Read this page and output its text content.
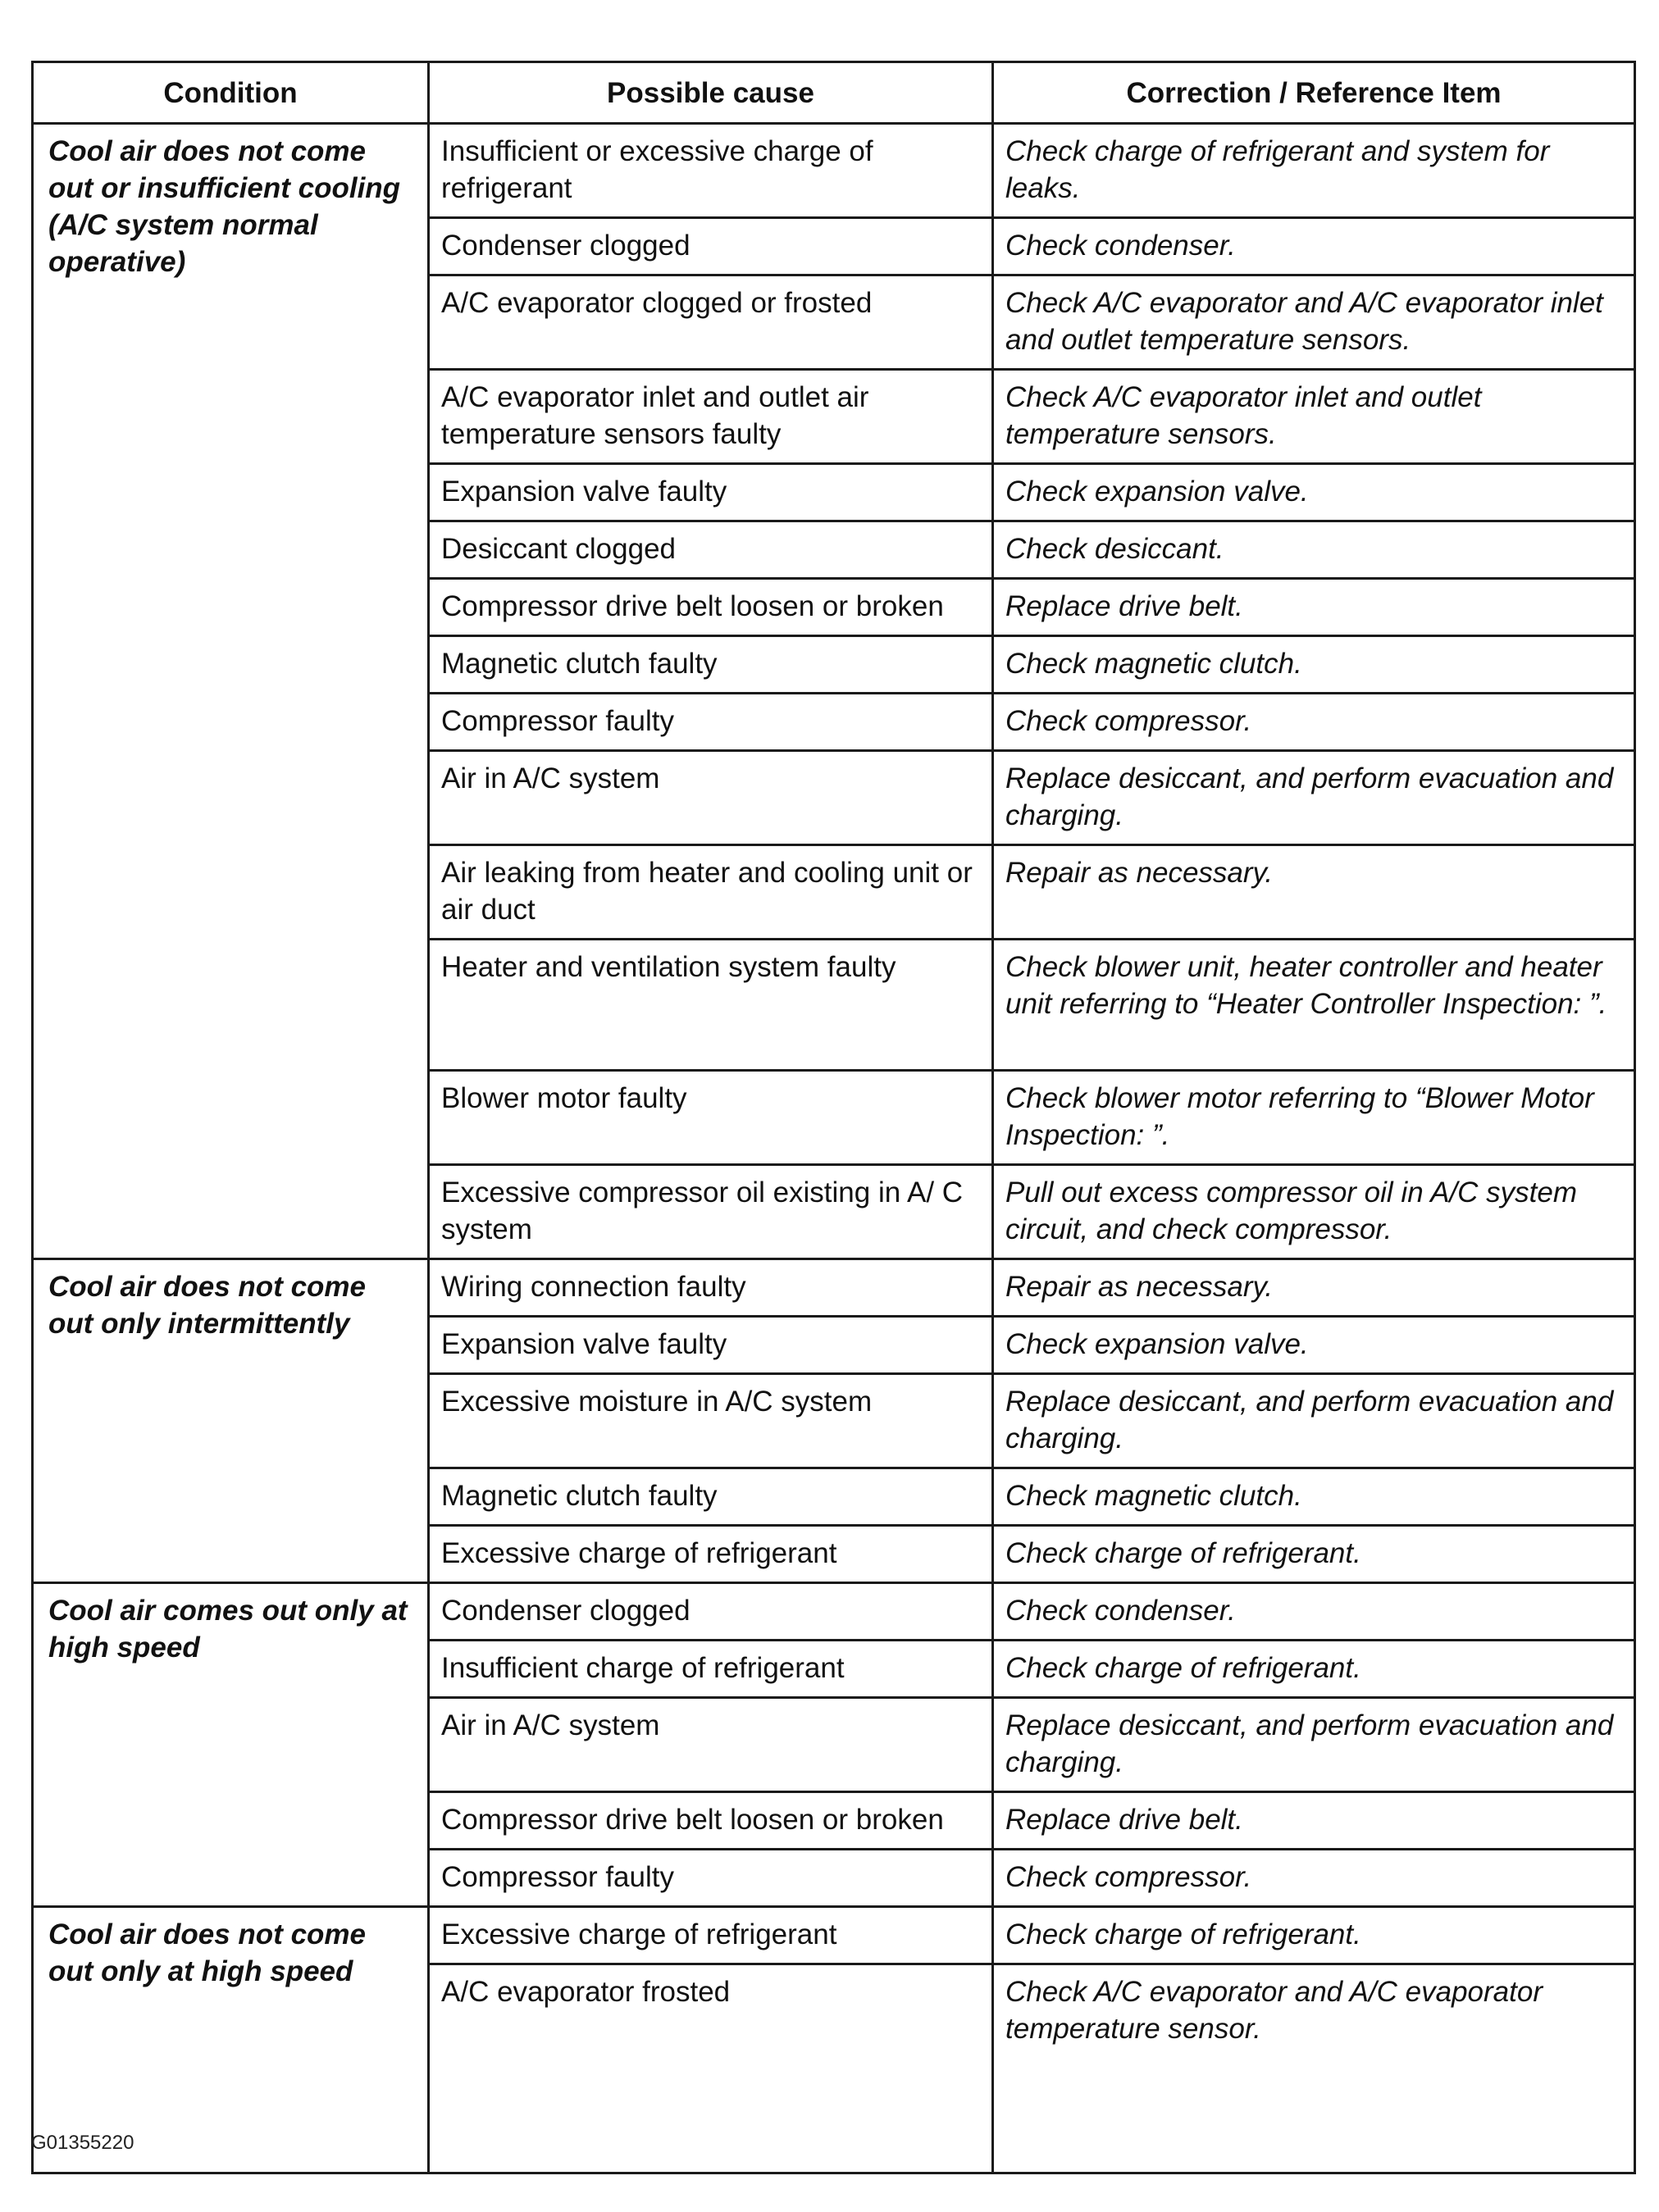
Condition	Possible cause	Correction / Reference Item
Cool air does not come out or insufficient cooling (A/C system normal operative)	Insufficient or excessive charge of refrigerant	Check charge of refrigerant and system for leaks.
	Condenser clogged	Check condenser.
	A/C evaporator clogged or frosted	Check A/C evaporator and A/C evaporator inlet and outlet temperature sensors.
	A/C evaporator inlet and outlet air temperature sensors faulty	Check A/C evaporator inlet and outlet temperature sensors.
	Expansion valve faulty	Check expansion valve.
	Desiccant clogged	Check desiccant.
	Compressor drive belt loosen or broken	Replace drive belt.
	Magnetic clutch faulty	Check magnetic clutch.
	Compressor faulty	Check compressor.
	Air in A/C system	Replace desiccant, and perform evacuation and charging.
	Air leaking from heater and cooling unit or air duct	Repair as necessary.
	Heater and ventilation system faulty	Check blower unit, heater controller and heater unit referring to “Heater Controller Inspection: ”.
	Blower motor faulty	Check blower motor referring to “Blower Motor Inspection: ”.
	Excessive compressor oil existing in A/ C system	Pull out excess compressor oil in A/C system circuit, and check compressor.
Cool air does not come out only intermittently	Wiring connection faulty	Repair as necessary.
	Expansion valve faulty	Check expansion valve.
	Excessive moisture in A/C system	Replace desiccant, and perform evacuation and charging.
	Magnetic clutch faulty	Check magnetic clutch.
	Excessive charge of refrigerant	Check charge of refrigerant.
Cool air comes out only at high speed	Condenser clogged	Check condenser.
	Insufficient charge of refrigerant	Check charge of refrigerant.
	Air in A/C system	Replace desiccant, and perform evacuation and charging.
	Compressor drive belt loosen or broken	Replace drive belt.
	Compressor faulty	Check compressor.
Cool air does not come out only at high speed	Excessive charge of refrigerant	Check charge of refrigerant.
	A/C evaporator frosted	Check A/C evaporator and A/C evaporator temperature sensor.
G01355220
